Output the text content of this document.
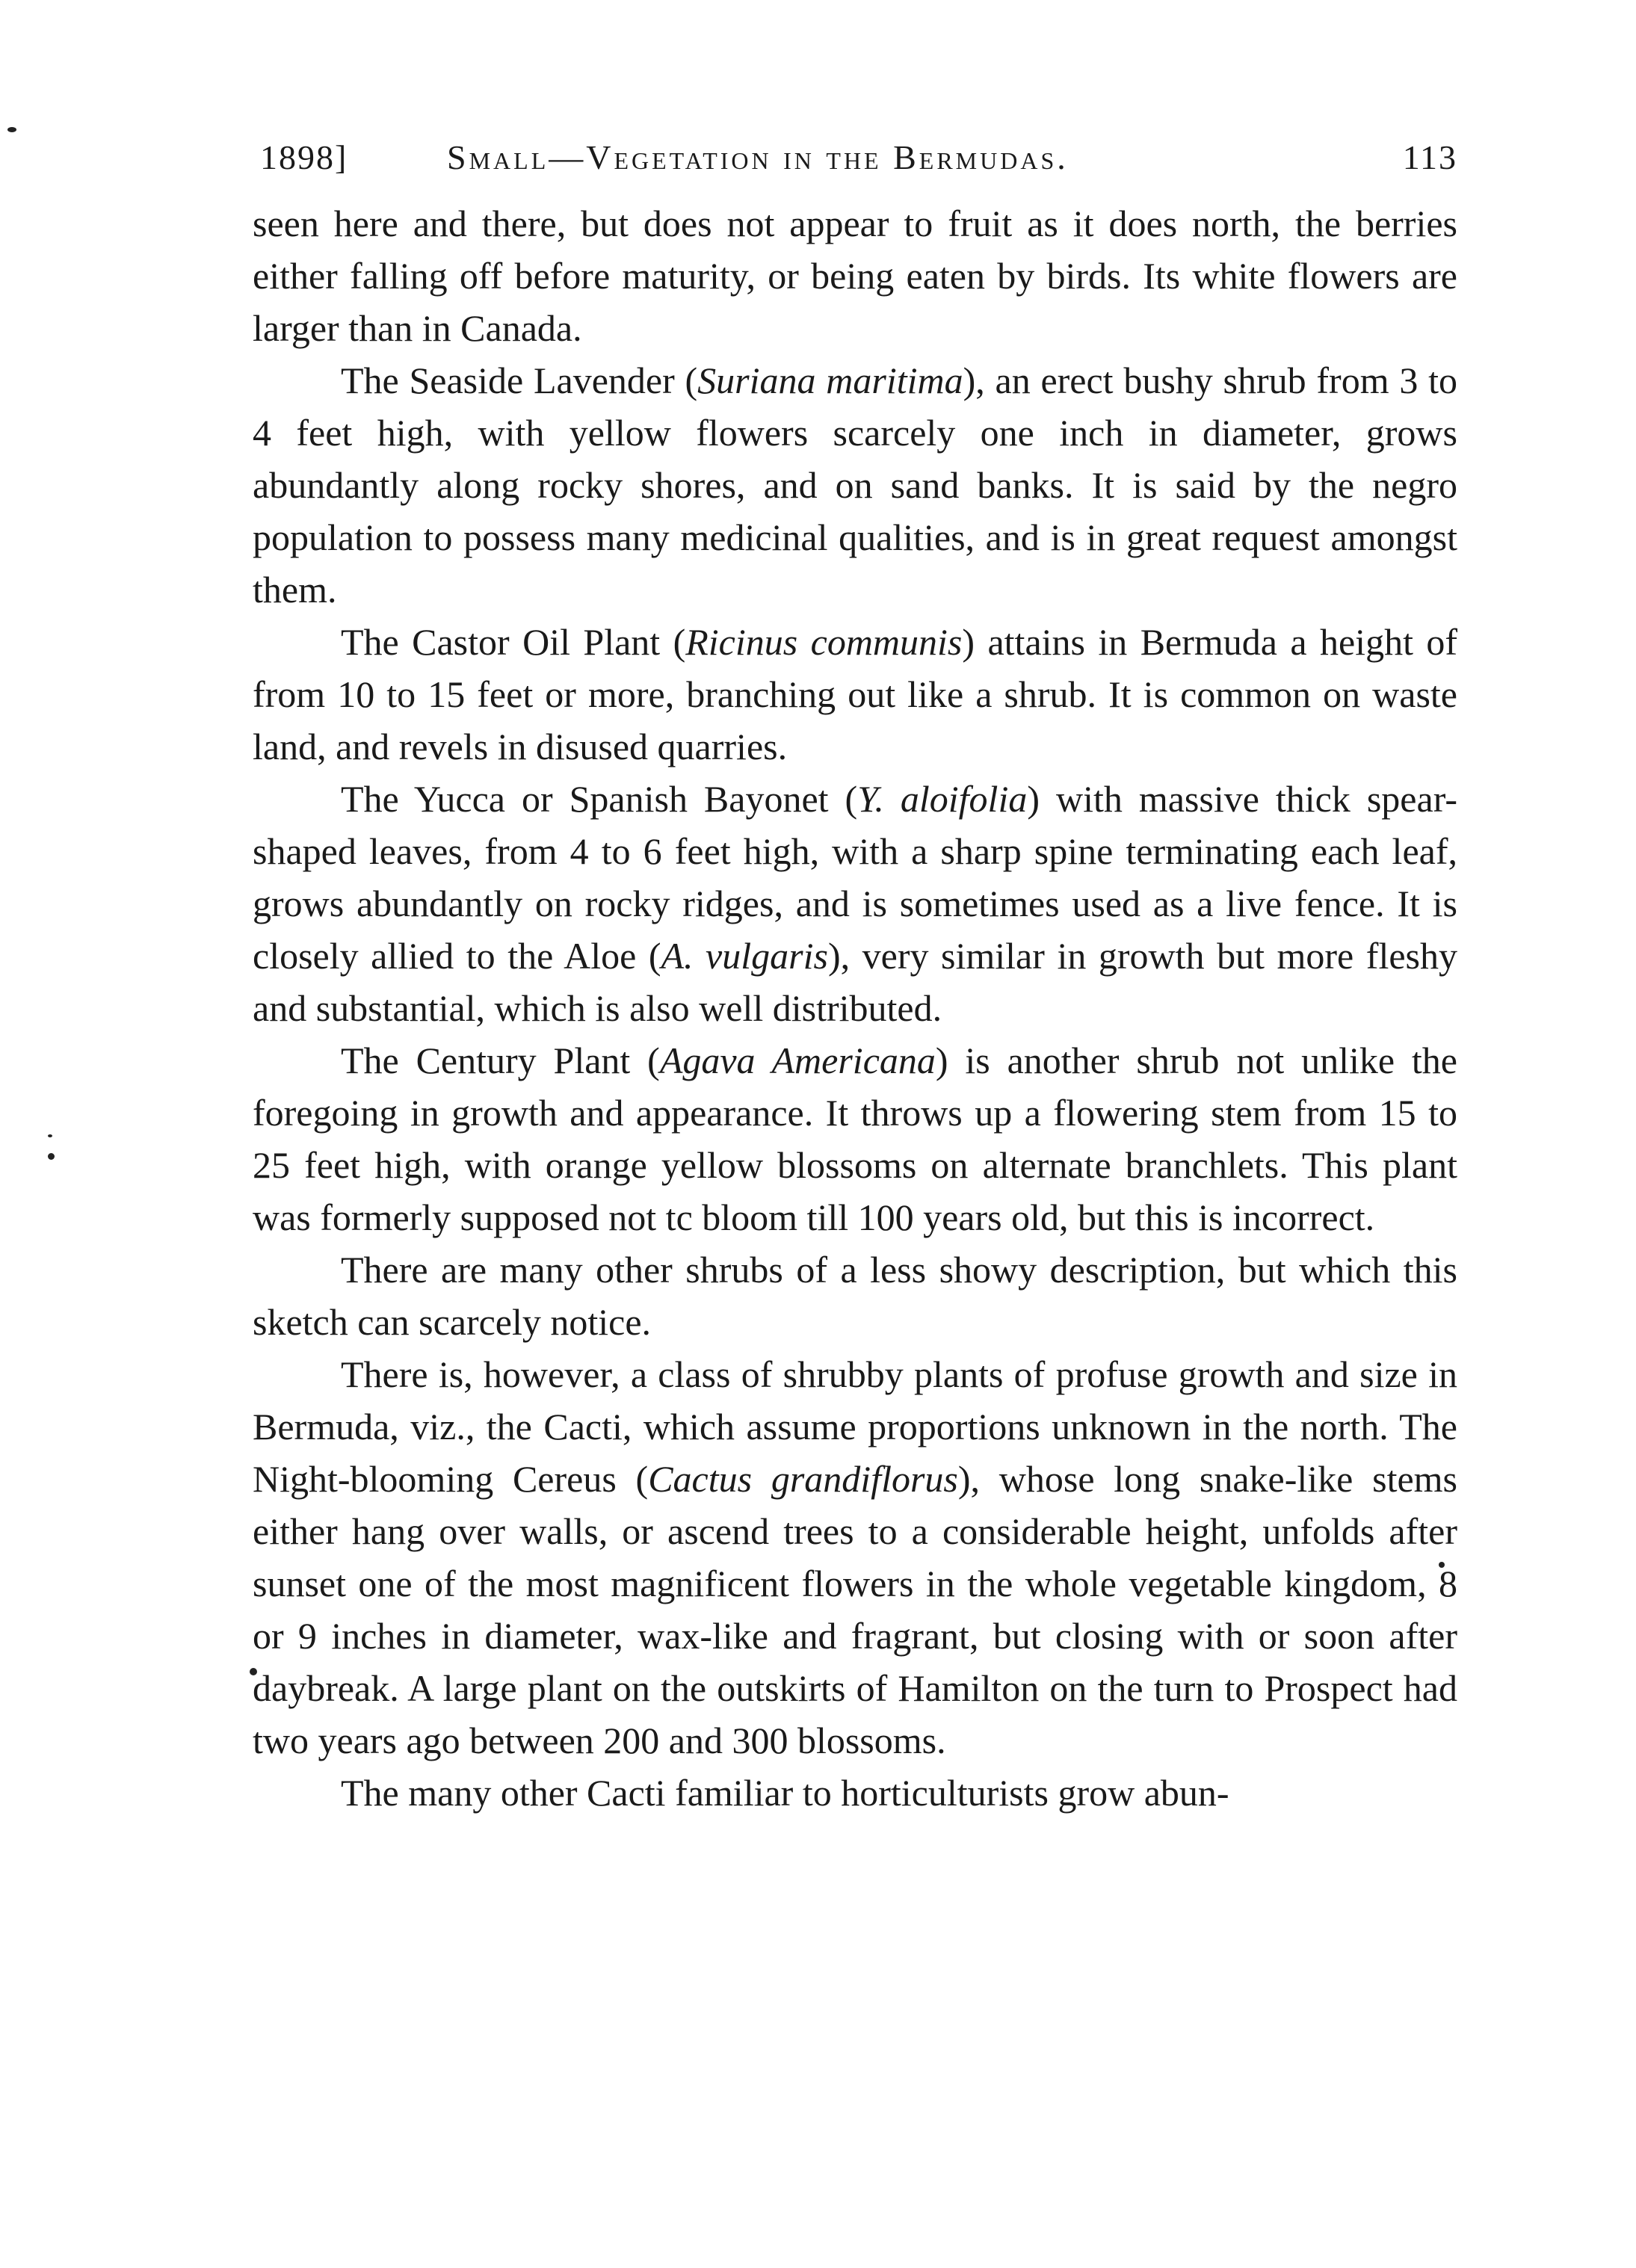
1898]	Small—Vegetation in the Bermudas.	113

seen here and there, but does not appear to fruit as it does north, the berries either falling off before maturity, or being eaten by birds. Its white flowers are larger than in Canada.

The Seaside Lavender (Suriana maritima), an erect bushy shrub from 3 to 4 feet high, with yellow flowers scarcely one inch in diameter, grows abundantly along rocky shores, and on sand banks. It is said by the negro population to possess many medicinal qualities, and is in great request amongst them.

The Castor Oil Plant (Ricinus communis) attains in Bermuda a height of from 10 to 15 feet or more, branching out like a shrub. It is common on waste land, and revels in disused quarries.

The Yucca or Spanish Bayonet (Y. aloifolia) with massive thick spear-shaped leaves, from 4 to 6 feet high, with a sharp spine terminating each leaf, grows abundantly on rocky ridges, and is sometimes used as a live fence. It is closely allied to the Aloe (A. vulgaris), very similar in growth but more fleshy and substantial, which is also well distributed.

The Century Plant (Agava Americana) is another shrub not unlike the foregoing in growth and appearance. It throws up a flowering stem from 15 to 25 feet high, with orange yellow blossoms on alternate branchlets. This plant was formerly supposed not tc bloom till 100 years old, but this is incorrect.

There are many other shrubs of a less showy description, but which this sketch can scarcely notice.

There is, however, a class of shrubby plants of profuse growth and size in Bermuda, viz., the Cacti, which assume proportions unknown in the north. The Night-blooming Cereus (Cactus grandiflorus), whose long snake-like stems either hang over walls, or ascend trees to a considerable height, unfolds after sunset one of the most magnificent flowers in the whole vegetable kingdom, 8 or 9 inches in diameter, wax-like and fragrant, but closing with or soon after daybreak. A large plant on the outskirts of Hamilton on the turn to Prospect had two years ago between 200 and 300 blossoms.

The many other Cacti familiar to horticulturists grow abun-
